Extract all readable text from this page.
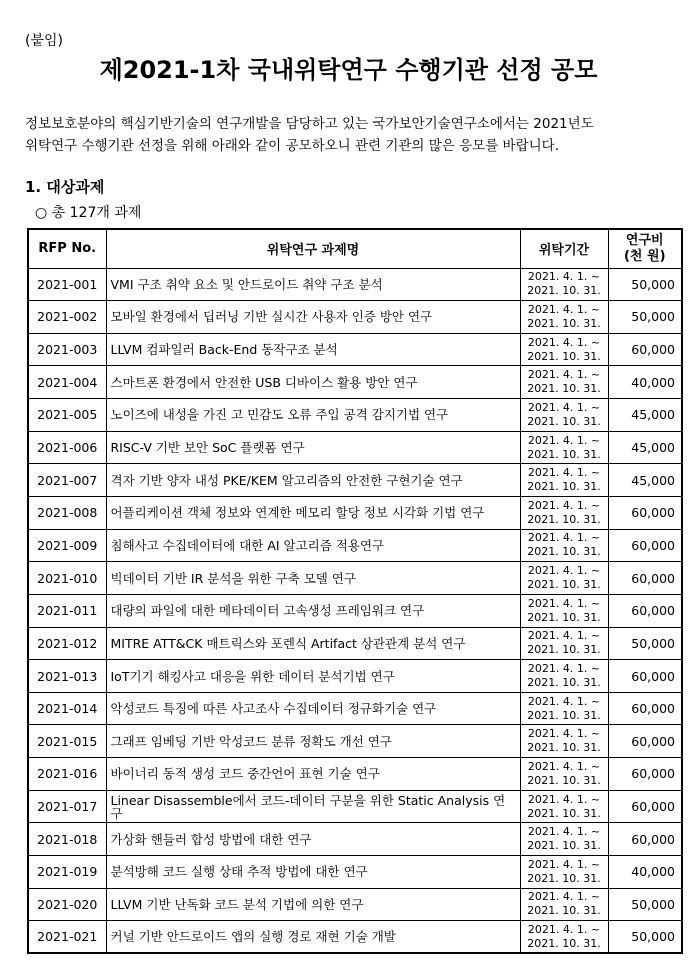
(붙임)
제2021-1차 국내위탁연구 수행기관 선정 공모

정보보호분야의 핵심기반기술의 연구개발을 담당하고 있는 국가보안기술연구소에서는 2021년도

위탁연구 수행기관 선정을 위해 아래와 같이 공모하오니 관련 기관의 많은 응모를 바랍니다.

1. 대상과제
○ 총 127개 과제
RFP No.	위탁연구 과제명	위탁기간	연구비
(천 원)
2021-001	VMI 구조 취약 요소 및 안드로이드 취약 구조 분석	2021. 4. 1. ~
2021. 10. 31.	50,000
2021-002	모바일 환경에서 딥러닝 기반 실시간 사용자 인증 방안 연구	2021. 4. 1. ~
2021. 10. 31.	50,000
2021-003	LLVM 컴파일러 Back-End 동작구조 분석	2021. 4. 1. ~
2021. 10. 31.	60,000
2021-004	스마트폰 환경에서 안전한 USB 디바이스 활용 방안 연구	2021. 4. 1. ~
2021. 10. 31.	40,000
2021-005	노이즈에 내성을 가진 고 민감도 오류 주입 공격 감지기법 연구	2021. 4. 1. ~
2021. 10. 31.	45,000
2021-006	RISC-V 기반 보안 SoC 플랫폼 연구	2021. 4. 1. ~
2021. 10. 31.	45,000
2021-007	격자 기반 양자 내성 PKE/KEM 알고리즘의 안전한 구현기술 연구	2021. 4. 1. ~
2021. 10. 31.	45,000
2021-008	어플리케이션 객체 정보와 연계한 메모리 할당 정보 시각화 기법 연구	2021. 4. 1. ~
2021. 10. 31.	60,000
2021-009	침해사고 수집데이터에 대한 AI 알고리즘 적용연구	2021. 4. 1. ~
2021. 10. 31.	60,000
2021-010	빅데이터 기반 IR 분석을 위한 구축 모델 연구	2021. 4. 1. ~
2021. 10. 31.	60,000
2021-011	대량의 파일에 대한 메타데이터 고속생성 프레임워크 연구	2021. 4. 1. ~
2021. 10. 31.	60,000
2021-012	MITRE ATT&CK 매트릭스와 포렌식 Artifact 상관관계 분석 연구	2021. 4. 1. ~
2021. 10. 31.	50,000
2021-013	IoT기기 해킹사고 대응을 위한 데이터 분석기법 연구	2021. 4. 1. ~
2021. 10. 31.	60,000
2021-014	악성코드 특징에 따른 사고조사 수집데이터 정규화기술 연구	2021. 4. 1. ~
2021. 10. 31.	60,000
2021-015	그래프 임베딩 기반 악성코드 분류 정확도 개선 연구	2021. 4. 1. ~
2021. 10. 31.	60,000
2021-016	바이너리 동적 생성 코드 중간언어 표현 기술 연구	2021. 4. 1. ~
2021. 10. 31.	60,000
2021-017	Linear Disassemble에서 코드-데이터 구분을 위한 Static Analysis 연구	2021. 4. 1. ~
2021. 10. 31.	60,000
2021-018	가상화 핸들러 합성 방법에 대한 연구	2021. 4. 1. ~
2021. 10. 31.	60,000
2021-019	분석방해 코드 실행 상태 추적 방법에 대한 연구	2021. 4. 1. ~
2021. 10. 31.	40,000
2021-020	LLVM 기반 난독화 코드 분석 기법에 의한 연구	2021. 4. 1. ~
2021. 10. 31.	50,000
2021-021	커널 기반 안드로이드 앱의 실행 경로 재현 기술 개발	2021. 4. 1. ~
2021. 10. 31.	50,000
